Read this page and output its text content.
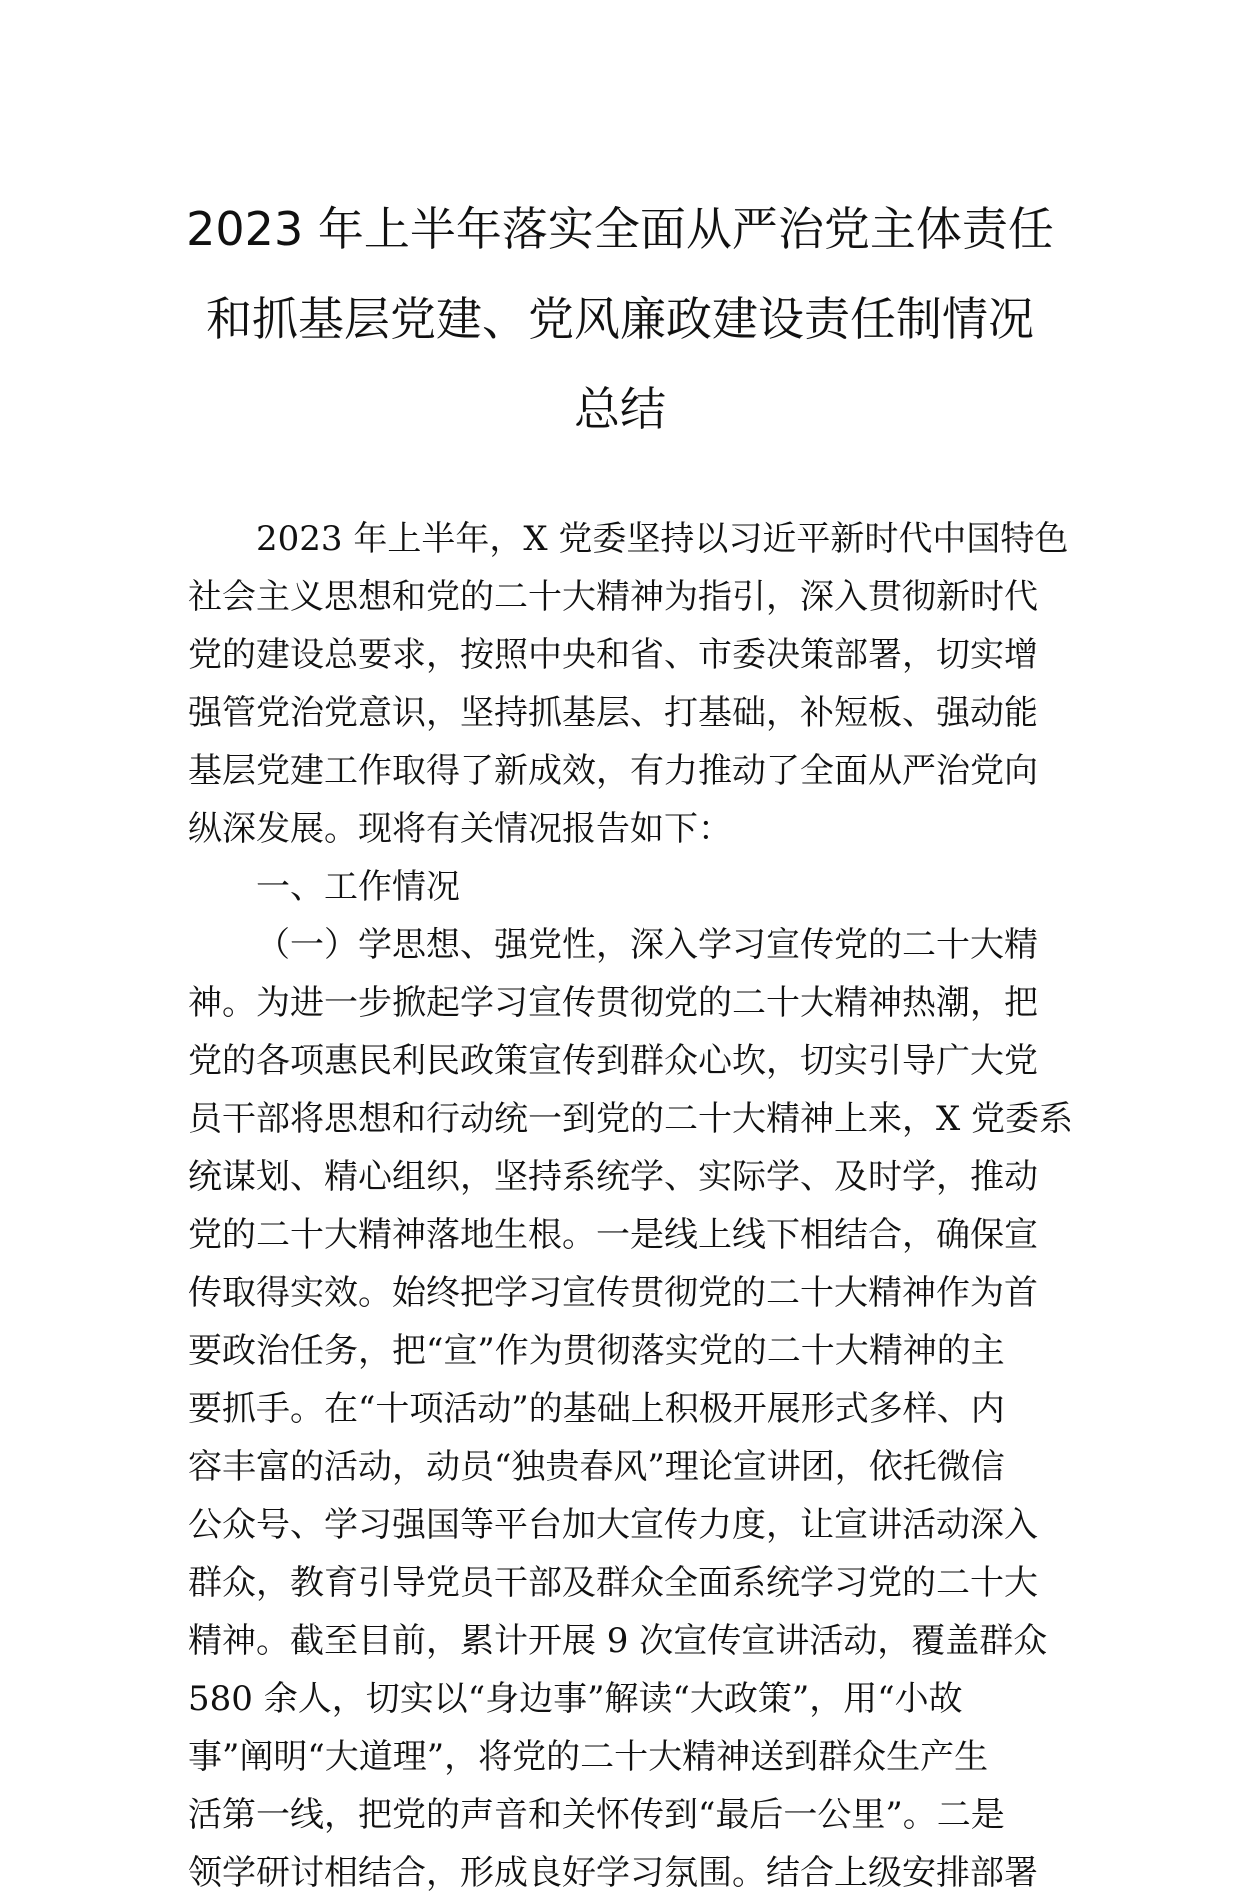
2023 年上半年落实全面从严治党主体责任
和抓基层党建、党风廉政建设责任制情况
总结
2023 年上半年，X 党委坚持以习近平新时代中国特色
社会主义思想和党的二十大精神为指引，深入贯彻新时代
党的建设总要求，按照中央和省、市委决策部署，切实增
强管党治党意识，坚持抓基层、打基础，补短板、强动能
基层党建工作取得了新成效，有力推动了全面从严治党向
纵深发展。现将有关情况报告如下：
一、工作情况
（一）学思想、强党性，深入学习宣传党的二十大精
神。为进一步掀起学习宣传贯彻党的二十大精神热潮，把
党的各项惠民利民政策宣传到群众心坎，切实引导广大党
员干部将思想和行动统一到党的二十大精神上来，X 党委系
统谋划、精心组织，坚持系统学、实际学、及时学，推动
党的二十大精神落地生根。一是线上线下相结合，确保宣
传取得实效。始终把学习宣传贯彻党的二十大精神作为首
要政治任务，把“宣”作为贯彻落实党的二十大精神的主
要抓手。在“十项活动”的基础上积极开展形式多样、内
容丰富的活动，动员“独贵春风”理论宣讲团，依托微信
公众号、学习强国等平台加大宣传力度，让宣讲活动深入
群众，教育引导党员干部及群众全面系统学习党的二十大
精神。截至目前，累计开展 9 次宣传宣讲活动，覆盖群众
580 余人，切实以“身边事”解读“大政策”，用“小故
事”阐明“大道理”，将党的二十大精神送到群众生产生
活第一线，把党的声音和关怀传到“最后一公里”。二是
领学研讨相结合，形成良好学习氛围。结合上级安排部署
